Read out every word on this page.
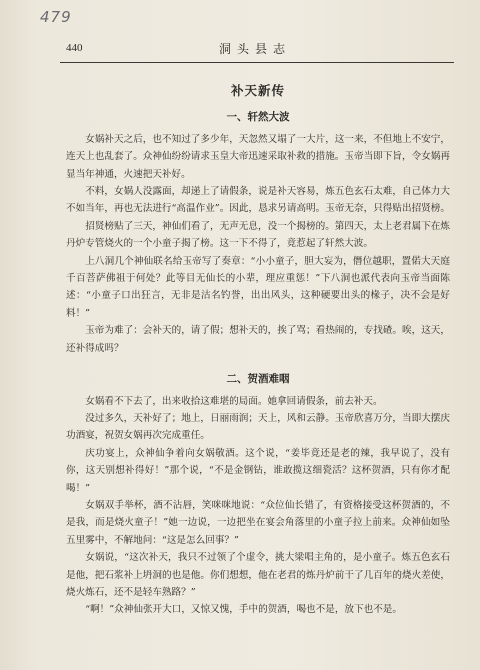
479
440	洞头县志
补天新传
一、轩然大波

女娲补天之后，也不知过了多少年，天忽然又塌了一大片，这一来，不但地上不安宁，连天上也乱套了。众神仙纷纷请求玉皇大帝迅速采取补救的措施。玉帝当即下旨，令女娲再显当年神通，火速把天补好。

不料，女娲人没露面，却递上了请假条，说是补天容易，炼五色玄石太难，自己体力大不如当年，再也无法进行“高温作业”。因此，恳求另请高明。玉帝无奈，只得贴出招贤榜。

招贤榜贴了三天，神仙们看了，无声无息，没一个揭榜的。第四天，太上老君属下在炼丹炉专管烧火的一个小童子揭了榜。这一下不得了，竟惹起了轩然大波。

上八洞几个神仙联名给玉帝写了奏章：“小小童子，胆大妄为，僭位越职，置偌大天庭千百菩萨佛祖于何处？此等目无仙长的小辈，理应重惩！”下八洞也派代表向玉帝当面陈述：“小童子口出狂言，无非是沽名钓誉，出出风头，这种硬要出头的椽子，决不会是好料！”

玉帝为难了：会补天的，请了假；想补天的，挨了骂；看热闹的，专找碴。唉，这天，还补得成吗？

二、贺酒难咽

女娲看不下去了，出来收拾这难堪的局面。她拿回请假条，前去补天。

没过多久，天补好了；地上，日丽雨润；天上，风和云静。玉帝欣喜万分，当即大摆庆功酒宴，祝贺女娲再次完成重任。

庆功宴上，众神仙争着向女娲敬酒。这个说，“姜毕竟还是老的辣，我早说了，没有你，这天别想补得好！”那个说，“不是金钢钻，谁敢揽这细瓷活？这杯贺酒，只有你才配喝！”

女娲双手举杯，酒不沾唇，笑咪咪地说：“众位仙长错了，有资格接受这杯贺酒的，不是我，而是烧火童子！”她一边说，一边把坐在宴会角落里的小童子拉上前来。众神仙如坠五里雾中，不解地问：“这是怎么回事？”

女娲说，“这次补天，我只不过领了个虚令，挑大梁唱主角的，是小童子。炼五色玄石是他，把石浆补上坍洞的也是他。你们想想，他在老君的炼丹炉前干了几百年的烧火差使，烧火炼石，还不是轻车熟路？”

“啊！”众神仙张开大口，又惊又愧，手中的贺酒，喝也不是，放下也不是。
